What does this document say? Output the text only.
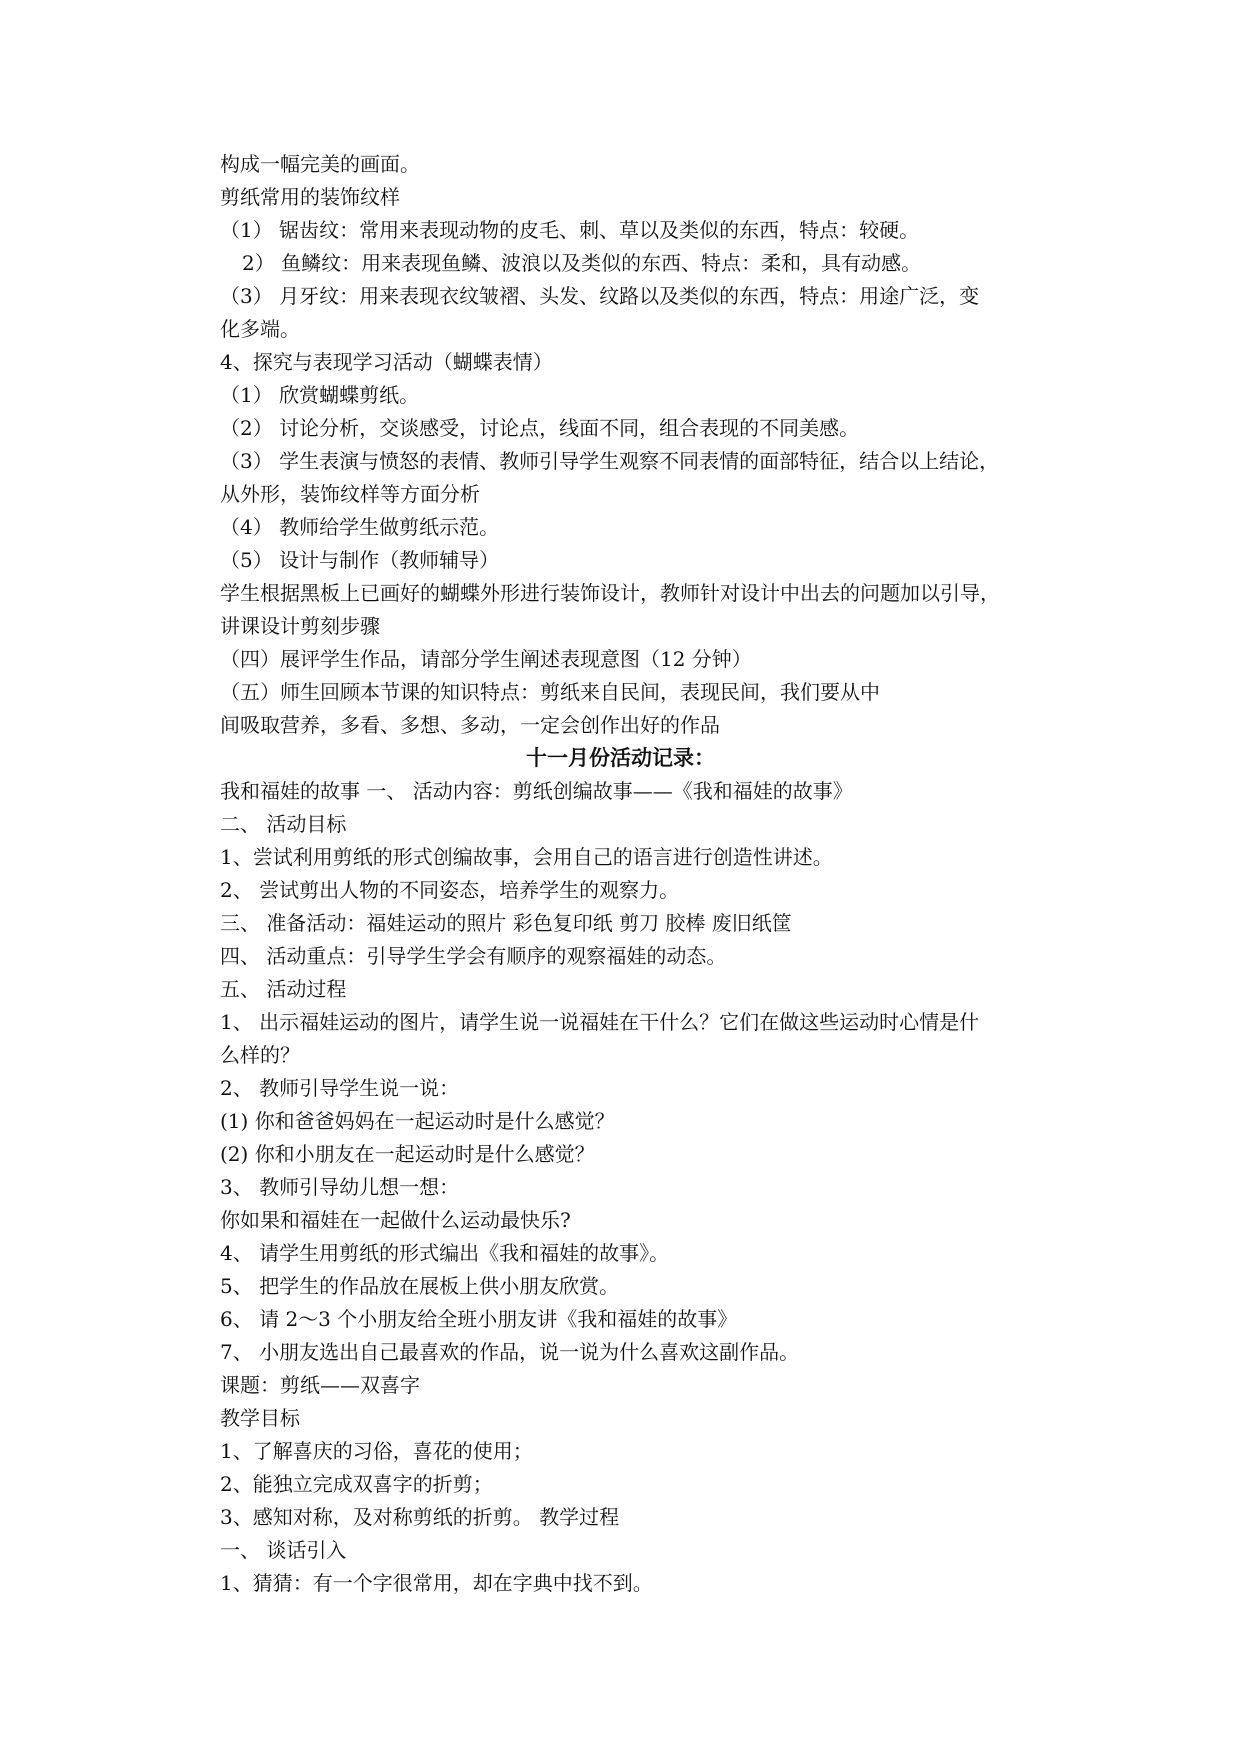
构成一幅完美的画面。
剪纸常用的装饰纹样
（1） 锯齿纹：常用来表现动物的皮毛、刺、草以及类似的东西，特点：较硬。
2） 鱼鳞纹：用来表现鱼鳞、波浪以及类似的东西、特点：柔和，具有动感。
（3） 月牙纹：用来表现衣纹皱褶、头发、纹路以及类似的东西，特点：用途广泛，变
化多端。
4、探究与表现学习活动（蝴蝶表情）
（1） 欣赏蝴蝶剪纸。
（2） 讨论分析，交谈感受，讨论点，线面不同，组合表现的不同美感。
（3） 学生表演与愤怒的表情、教师引导学生观察不同表情的面部特征，结合以上结论，
从外形，装饰纹样等方面分析
（4） 教师给学生做剪纸示范。
（5） 设计与制作（教师辅导）
学生根据黑板上已画好的蝴蝶外形进行装饰设计，教师针对设计中出去的问题加以引导，
讲课设计剪刻步骤
（四）展评学生作品，请部分学生阐述表现意图（12 分钟）
（五）师生回顾本节课的知识特点：剪纸来自民间，表现民间，我们要从中
间吸取营养，多看、多想、多动，一定会创作出好的作品
十一月份活动记录：
我和福娃的故事 一、 活动内容：剪纸创编故事——《我和福娃的故事》
二、 活动目标
1、尝试利用剪纸的形式创编故事，会用自己的语言进行创造性讲述。
2、 尝试剪出人物的不同姿态，培养学生的观察力。
三、 准备活动：福娃运动的照片 彩色复印纸 剪刀 胶棒 废旧纸筐
四、 活动重点：引导学生学会有顺序的观察福娃的动态。
五、 活动过程
1、 出示福娃运动的图片，请学生说一说福娃在干什么？它们在做这些运动时心情是什
么样的？
2、 教师引导学生说一说：
(1) 你和爸爸妈妈在一起运动时是什么感觉？
(2) 你和小朋友在一起运动时是什么感觉？
3、 教师引导幼儿想一想：
你如果和福娃在一起做什么运动最快乐?
4、 请学生用剪纸的形式编出《我和福娃的故事》。
5、 把学生的作品放在展板上供小朋友欣赏。
6、 请 2～3 个小朋友给全班小朋友讲《我和福娃的故事》
7、 小朋友选出自己最喜欢的作品，说一说为什么喜欢这副作品。
课题：剪纸——双喜字
教学目标
1、了解喜庆的习俗，喜花的使用；
2、能独立完成双喜字的折剪；
3、感知对称，及对称剪纸的折剪。 教学过程
一、 谈话引入
1、猜猜：有一个字很常用，却在字典中找不到。
